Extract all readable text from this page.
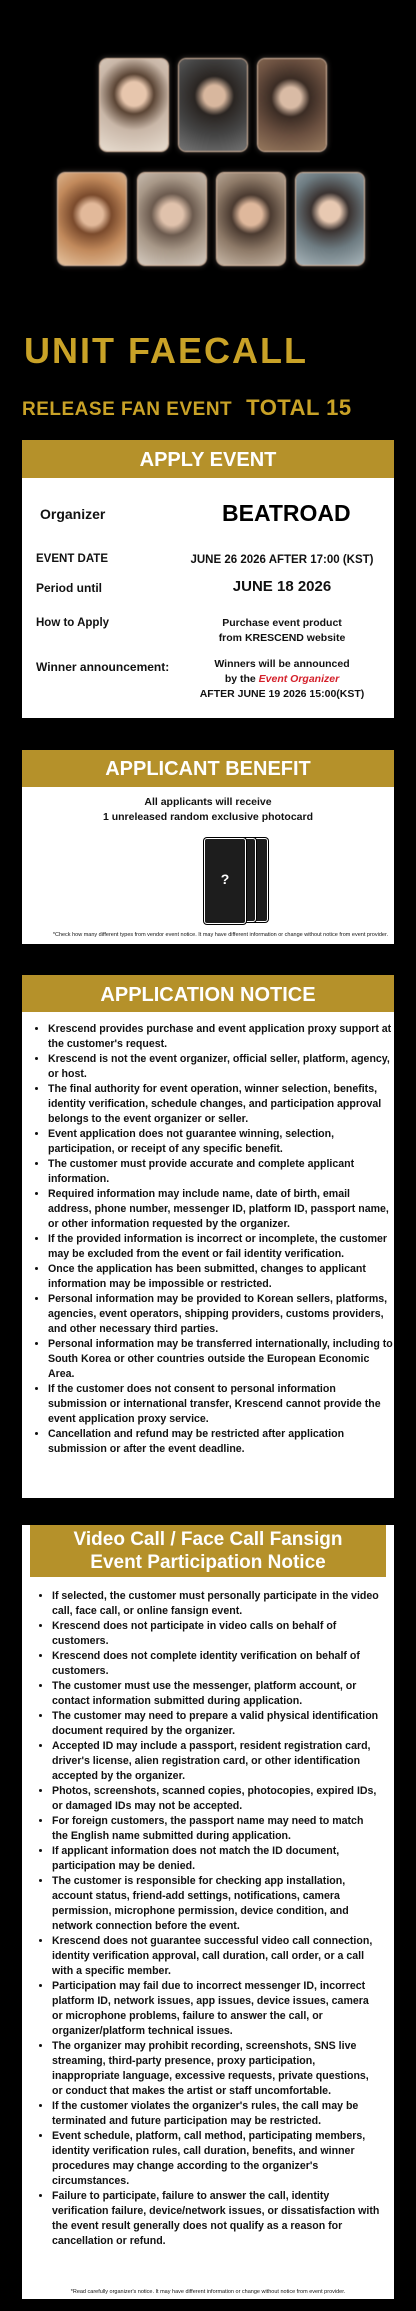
UNIT FAECALL
RELEASE FAN EVENT TOTAL 15
APPLY EVENT
Organizer	BEATROAD
EVENT DATE	JUNE 26 2026 AFTER 17:00 (KST)
Period until	JUNE 18 2026
How to Apply	Purchase event product
from KRESCEND website
Winner announcement:	Winners will be announced
by the Event Organizer
AFTER JUNE 19 2026 15:00(KST)
APPLICANT BENEFIT
All applicants will receive
1 unreleased random exclusive photocard
?
*Check how many different types from vendor event notice. It may have different information or change without notice from event provider.
APPLICATION NOTICE
• Krescend provides purchase and event application proxy support at the customer's request.
• Krescend is not the event organizer, official seller, platform, agency, or host.
• The final authority for event operation, winner selection, benefits, identity verification, schedule changes, and participation approval belongs to the event organizer or seller.
• Event application does not guarantee winning, selection, participation, or receipt of any specific benefit.
• The customer must provide accurate and complete applicant information.
• Required information may include name, date of birth, email address, phone number, messenger ID, platform ID, passport name, or other information requested by the organizer.
• If the provided information is incorrect or incomplete, the customer may be excluded from the event or fail identity verification.
• Once the application has been submitted, changes to applicant information may be impossible or restricted.
• Personal information may be provided to Korean sellers, platforms, agencies, event operators, shipping providers, customs providers, and other necessary third parties.
• Personal information may be transferred internationally, including to South Korea or other countries outside the European Economic Area.
• If the customer does not consent to personal information submission or international transfer, Krescend cannot provide the event application proxy service.
• Cancellation and refund may be restricted after application submission or after the event deadline.
Video Call / Face Call Fansign
Event Participation Notice
• If selected, the customer must personally participate in the video call, face call, or online fansign event.
• Krescend does not participate in video calls on behalf of customers.
• Krescend does not complete identity verification on behalf of customers.
• The customer must use the messenger, platform account, or contact information submitted during application.
• The customer may need to prepare a valid physical identification document required by the organizer.
• Accepted ID may include a passport, resident registration card, driver's license, alien registration card, or other identification accepted by the organizer.
• Photos, screenshots, scanned copies, photocopies, expired IDs, or damaged IDs may not be accepted.
• For foreign customers, the passport name may need to match the English name submitted during application.
• If applicant information does not match the ID document, participation may be denied.
• The customer is responsible for checking app installation, account status, friend-add settings, notifications, camera permission, microphone permission, device condition, and network connection before the event.
• Krescend does not guarantee successful video call connection, identity verification approval, call duration, call order, or a call with a specific member.
• Participation may fail due to incorrect messenger ID, incorrect platform ID, network issues, app issues, device issues, camera or microphone problems, failure to answer the call, or organizer/platform technical issues.
• The organizer may prohibit recording, screenshots, SNS live streaming, third-party presence, proxy participation, inappropriate language, excessive requests, private questions, or conduct that makes the artist or staff uncomfortable.
• If the customer violates the organizer's rules, the call may be terminated and future participation may be restricted.
• Event schedule, platform, call method, participating members, identity verification rules, call duration, benefits, and winner procedures may change according to the organizer's circumstances.
• Failure to participate, failure to answer the call, identity verification failure, device/network issues, or dissatisfaction with the event result generally does not qualify as a reason for cancellation or refund.
*Read carefully organizer's notice. It may have different information or change without notice from event provider.
